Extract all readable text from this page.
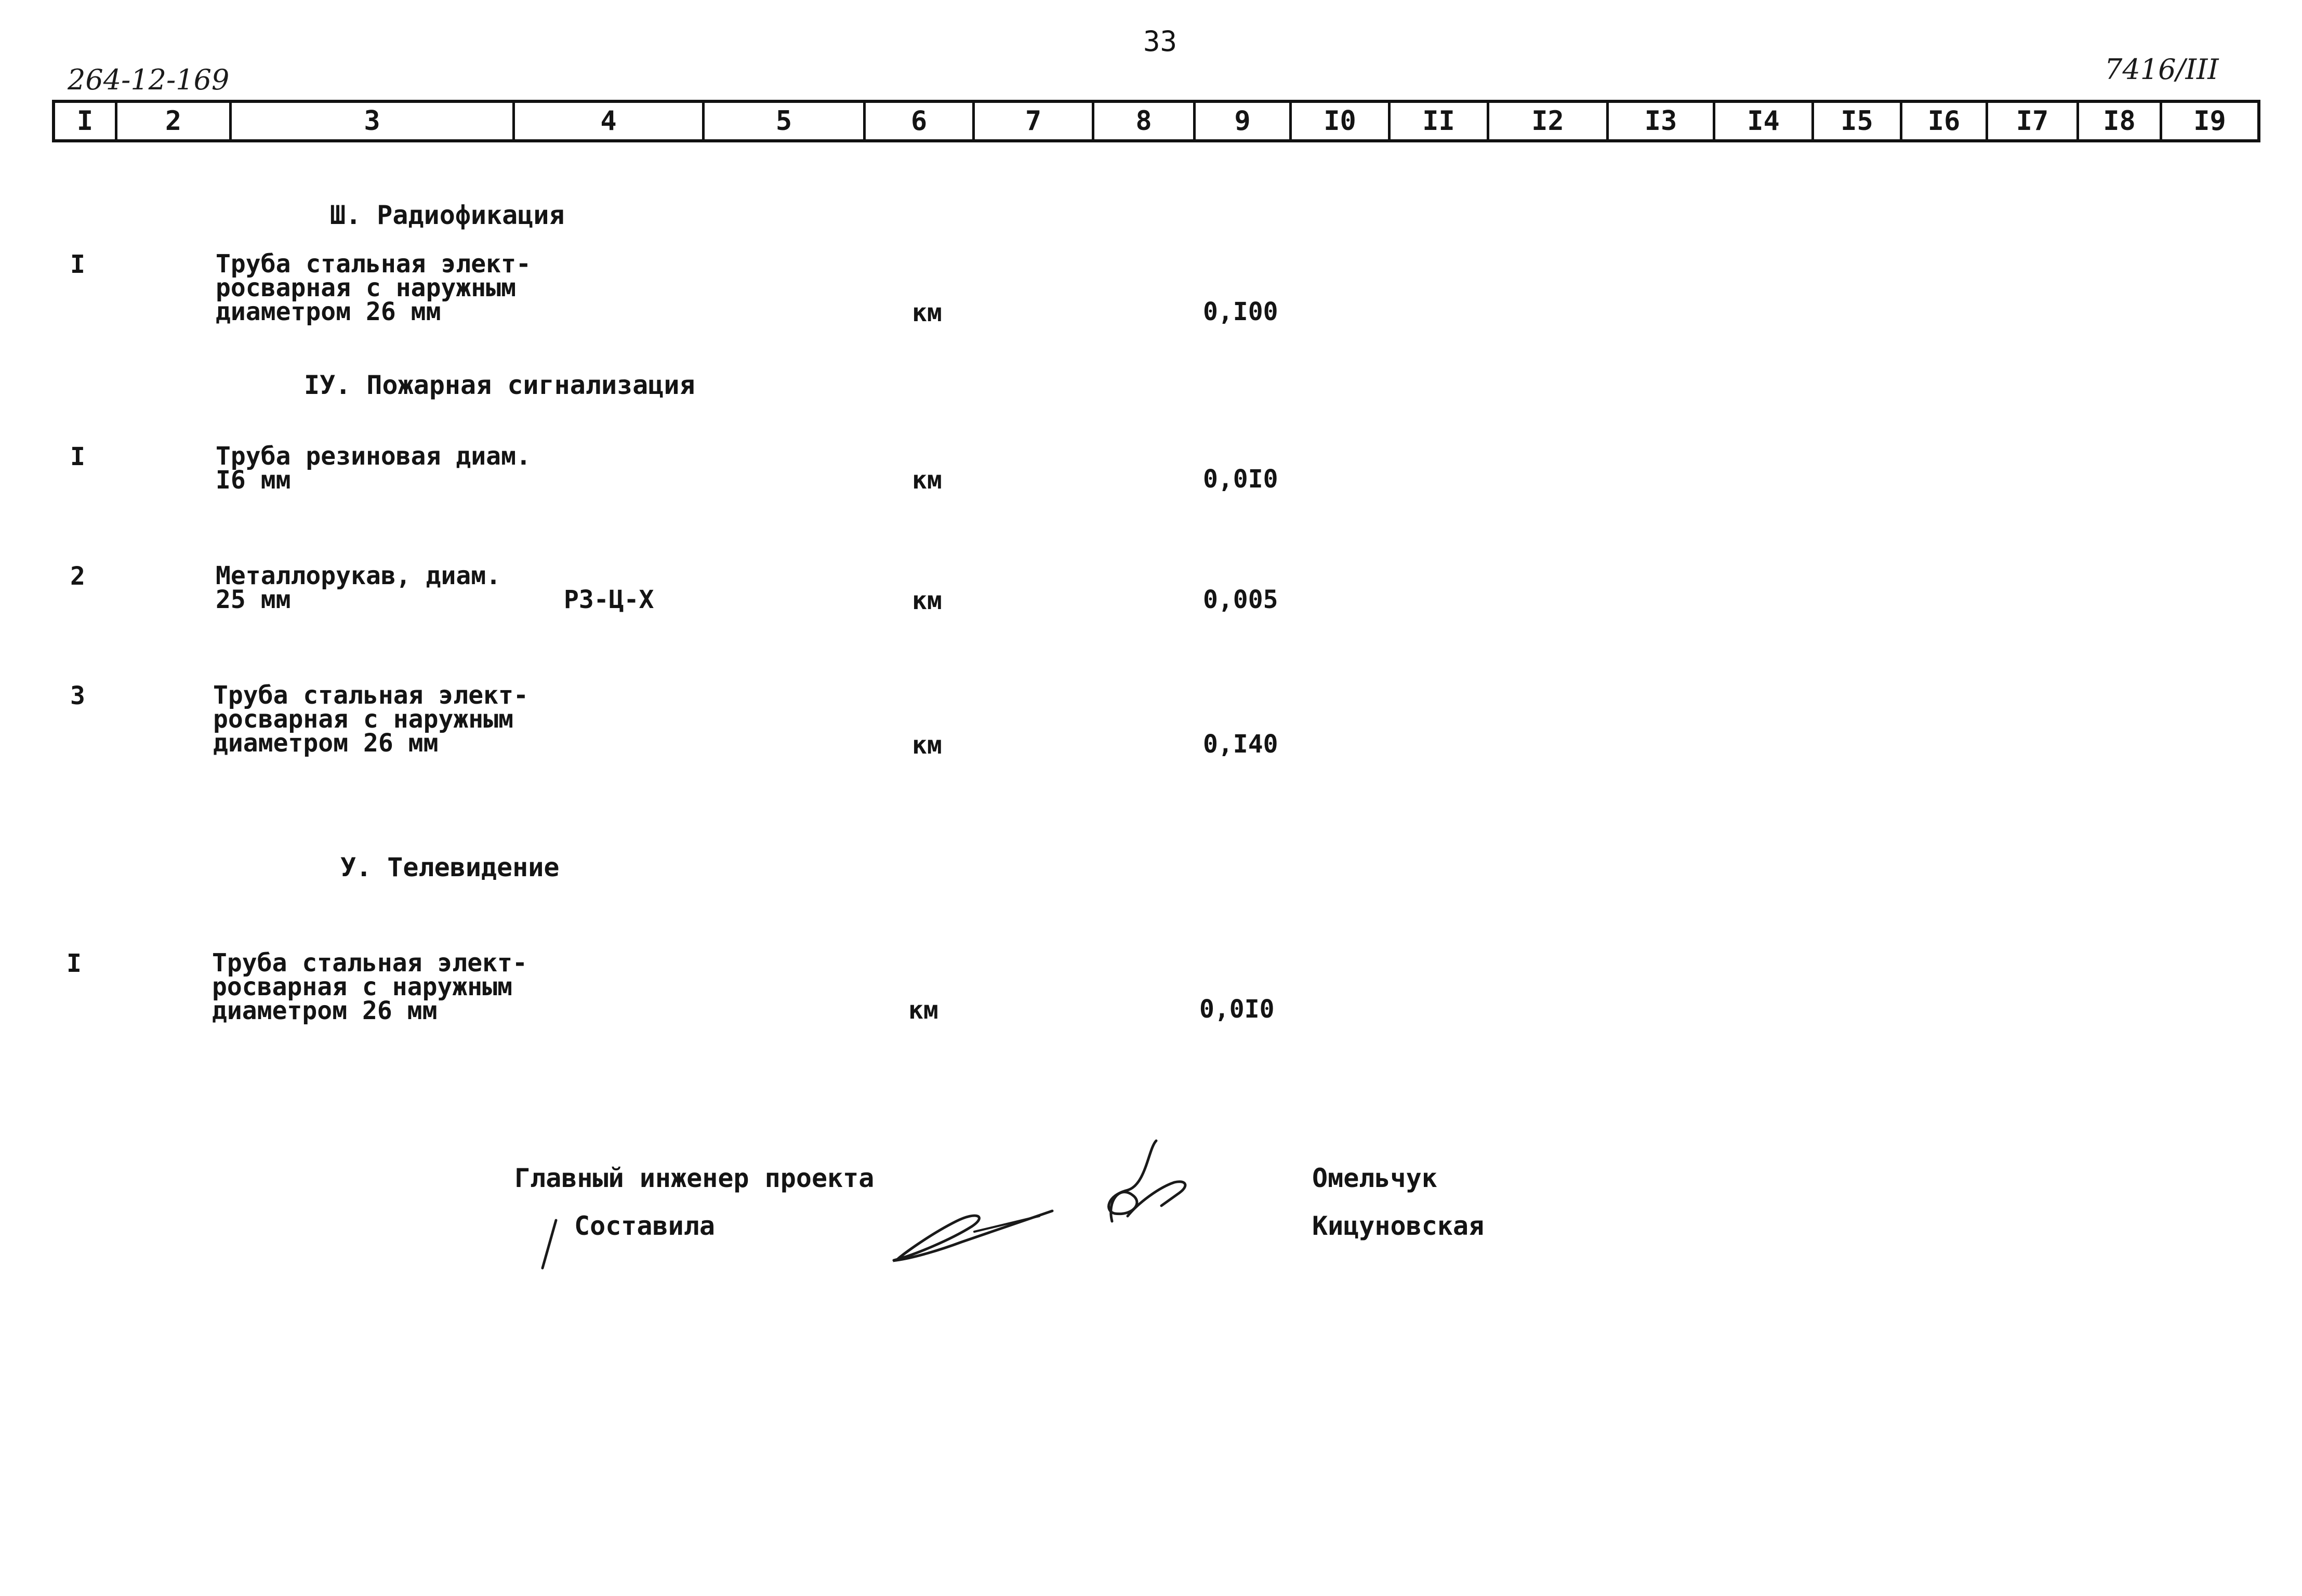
33
264-12-169	7416/III
I	2	3	4	5	6	7	8	9	I0	II	I2	I3	I4	I5	I6	I7	I8	I9
Ш. Радиофикация
I	Труба стальная элект-
росварная с наружным
диаметром 26 мм	км	0,I00
IУ. Пожарная сигнализация
I	Труба резиновая диам.
I6 мм	км	0,0I0
2	Металлорукав, диам.
25 мм	РЗ-Ц-Х	км	0,005
3	Труба стальная элект-
росварная с наружным
диаметром 26 мм	км	0,I40
У. Телевидение
I	Труба стальная элект-
росварная с наружным
диаметром 26 мм	км	0,0I0
Главный инженер проекта	Омельчук
Составила	Кицуновская
